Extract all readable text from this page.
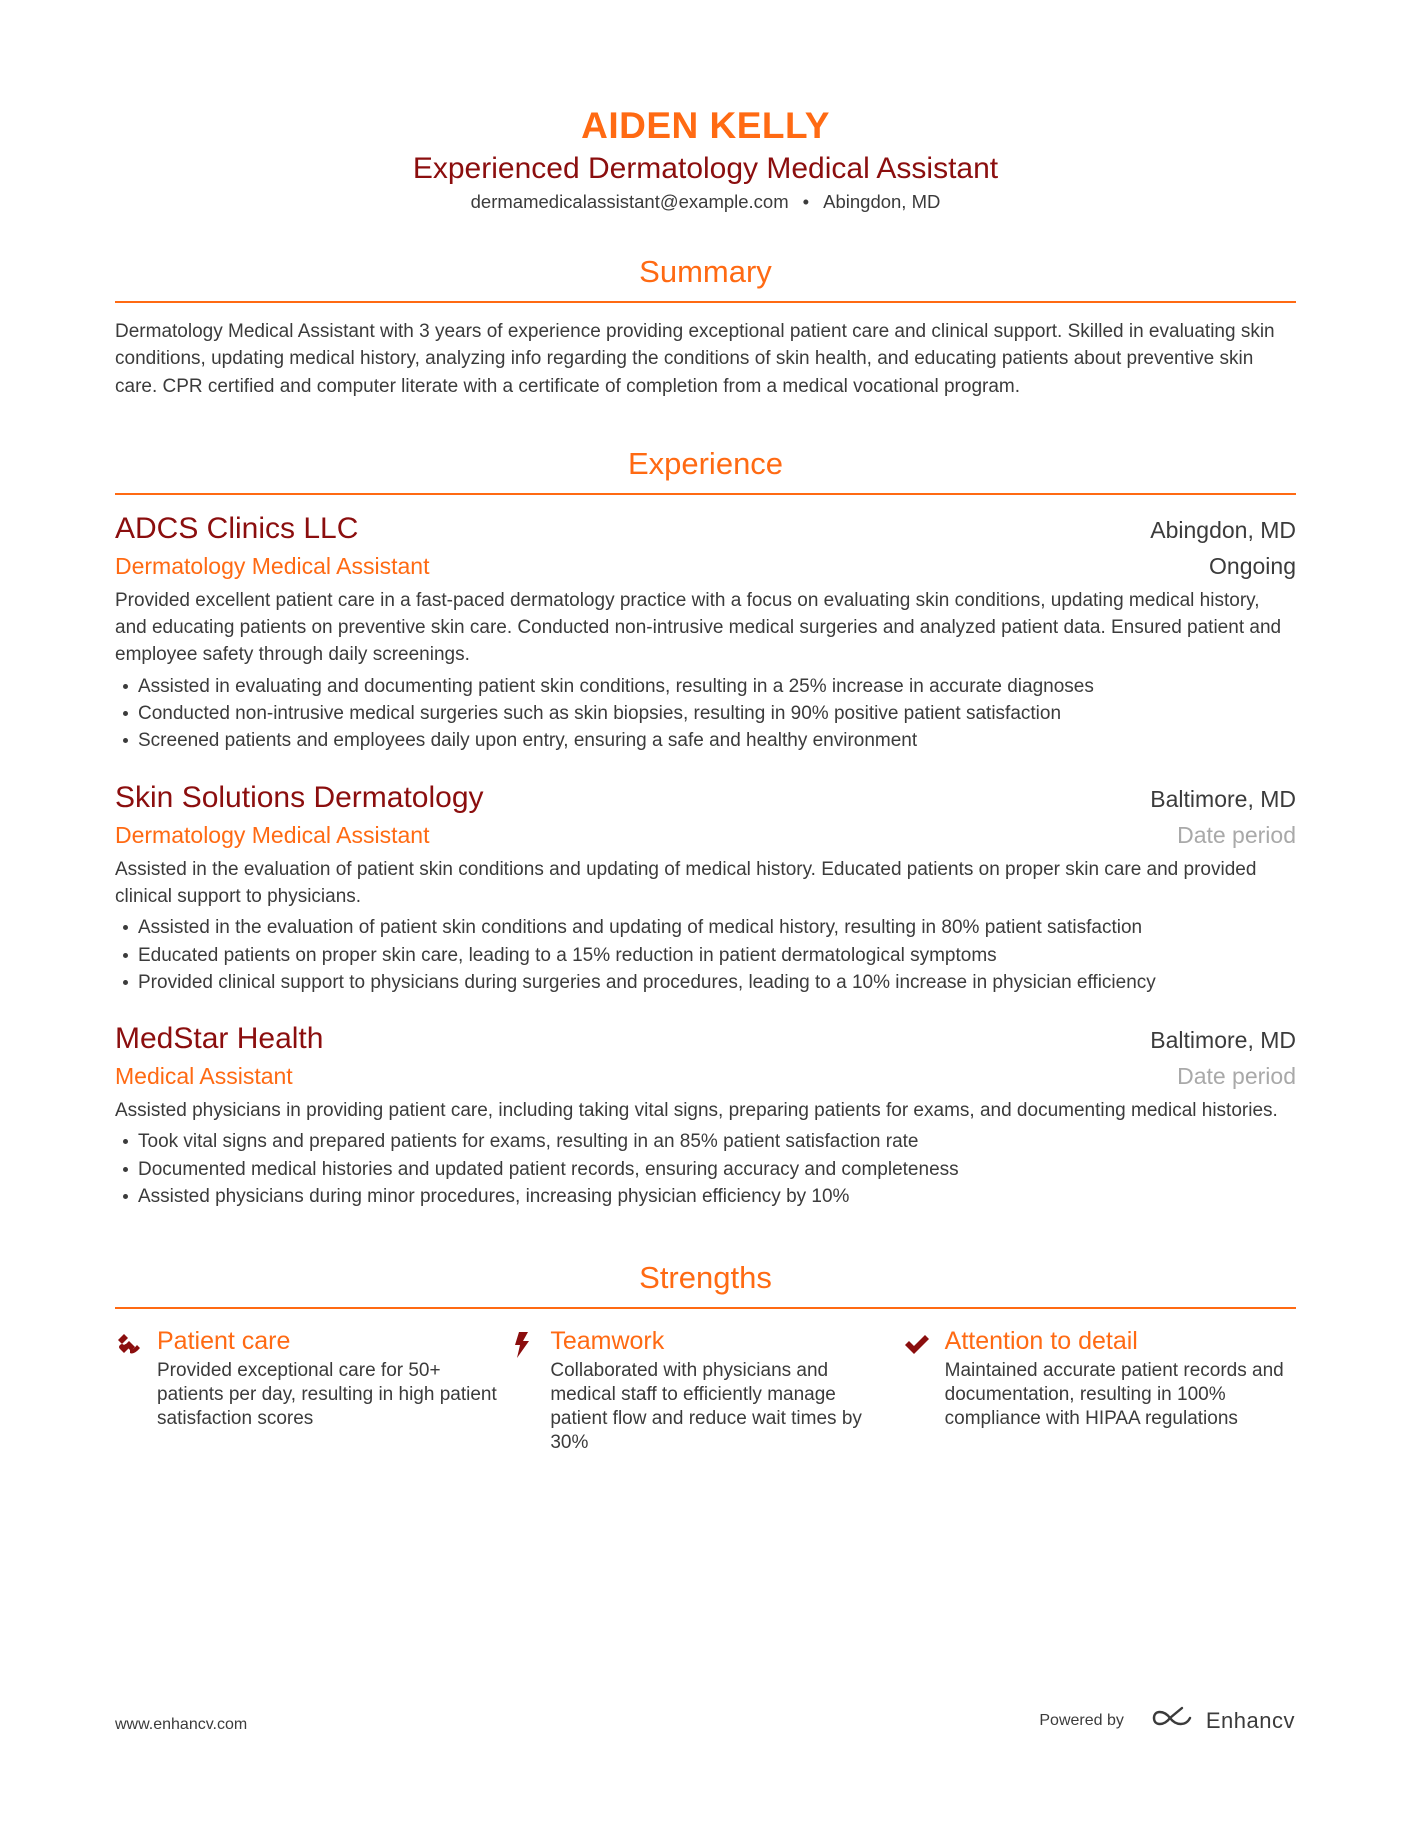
AIDEN KELLY
Experienced Dermatology Medical Assistant
dermamedicalassistant@example.com • Abingdon, MD
Summary
Dermatology Medical Assistant with 3 years of experience providing exceptional patient care and clinical support. Skilled in evaluating skin conditions, updating medical history, analyzing info regarding the conditions of skin health, and educating patients about preventive skin care. CPR certified and computer literate with a certificate of completion from a medical vocational program.
Experience
ADCS Clinics LLC	Abingdon, MD
Dermatology Medical Assistant	Ongoing
Provided excellent patient care in a fast-paced dermatology practice with a focus on evaluating skin conditions, updating medical history, and educating patients on preventive skin care. Conducted non-intrusive medical surgeries and analyzed patient data. Ensured patient and employee safety through daily screenings.
Assisted in evaluating and documenting patient skin conditions, resulting in a 25% increase in accurate diagnoses
Conducted non-intrusive medical surgeries such as skin biopsies, resulting in 90% positive patient satisfaction
Screened patients and employees daily upon entry, ensuring a safe and healthy environment
Skin Solutions Dermatology	Baltimore, MD
Dermatology Medical Assistant	Date period
Assisted in the evaluation of patient skin conditions and updating of medical history. Educated patients on proper skin care and provided clinical support to physicians.
Assisted in the evaluation of patient skin conditions and updating of medical history, resulting in 80% patient satisfaction
Educated patients on proper skin care, leading to a 15% reduction in patient dermatological symptoms
Provided clinical support to physicians during surgeries and procedures, leading to a 10% increase in physician efficiency
MedStar Health	Baltimore, MD
Medical Assistant	Date period
Assisted physicians in providing patient care, including taking vital signs, preparing patients for exams, and documenting medical histories.
Took vital signs and prepared patients for exams, resulting in an 85% patient satisfaction rate
Documented medical histories and updated patient records, ensuring accuracy and completeness
Assisted physicians during minor procedures, increasing physician efficiency by 10%
Strengths
Patient care
Provided exceptional care for 50+ patients per day, resulting in high patient satisfaction scores
Teamwork
Collaborated with physicians and medical staff to efficiently manage patient flow and reduce wait times by 30%
Attention to detail
Maintained accurate patient records and documentation, resulting in 100% compliance with HIPAA regulations
www.enhancv.com	Powered by	Enhancv
